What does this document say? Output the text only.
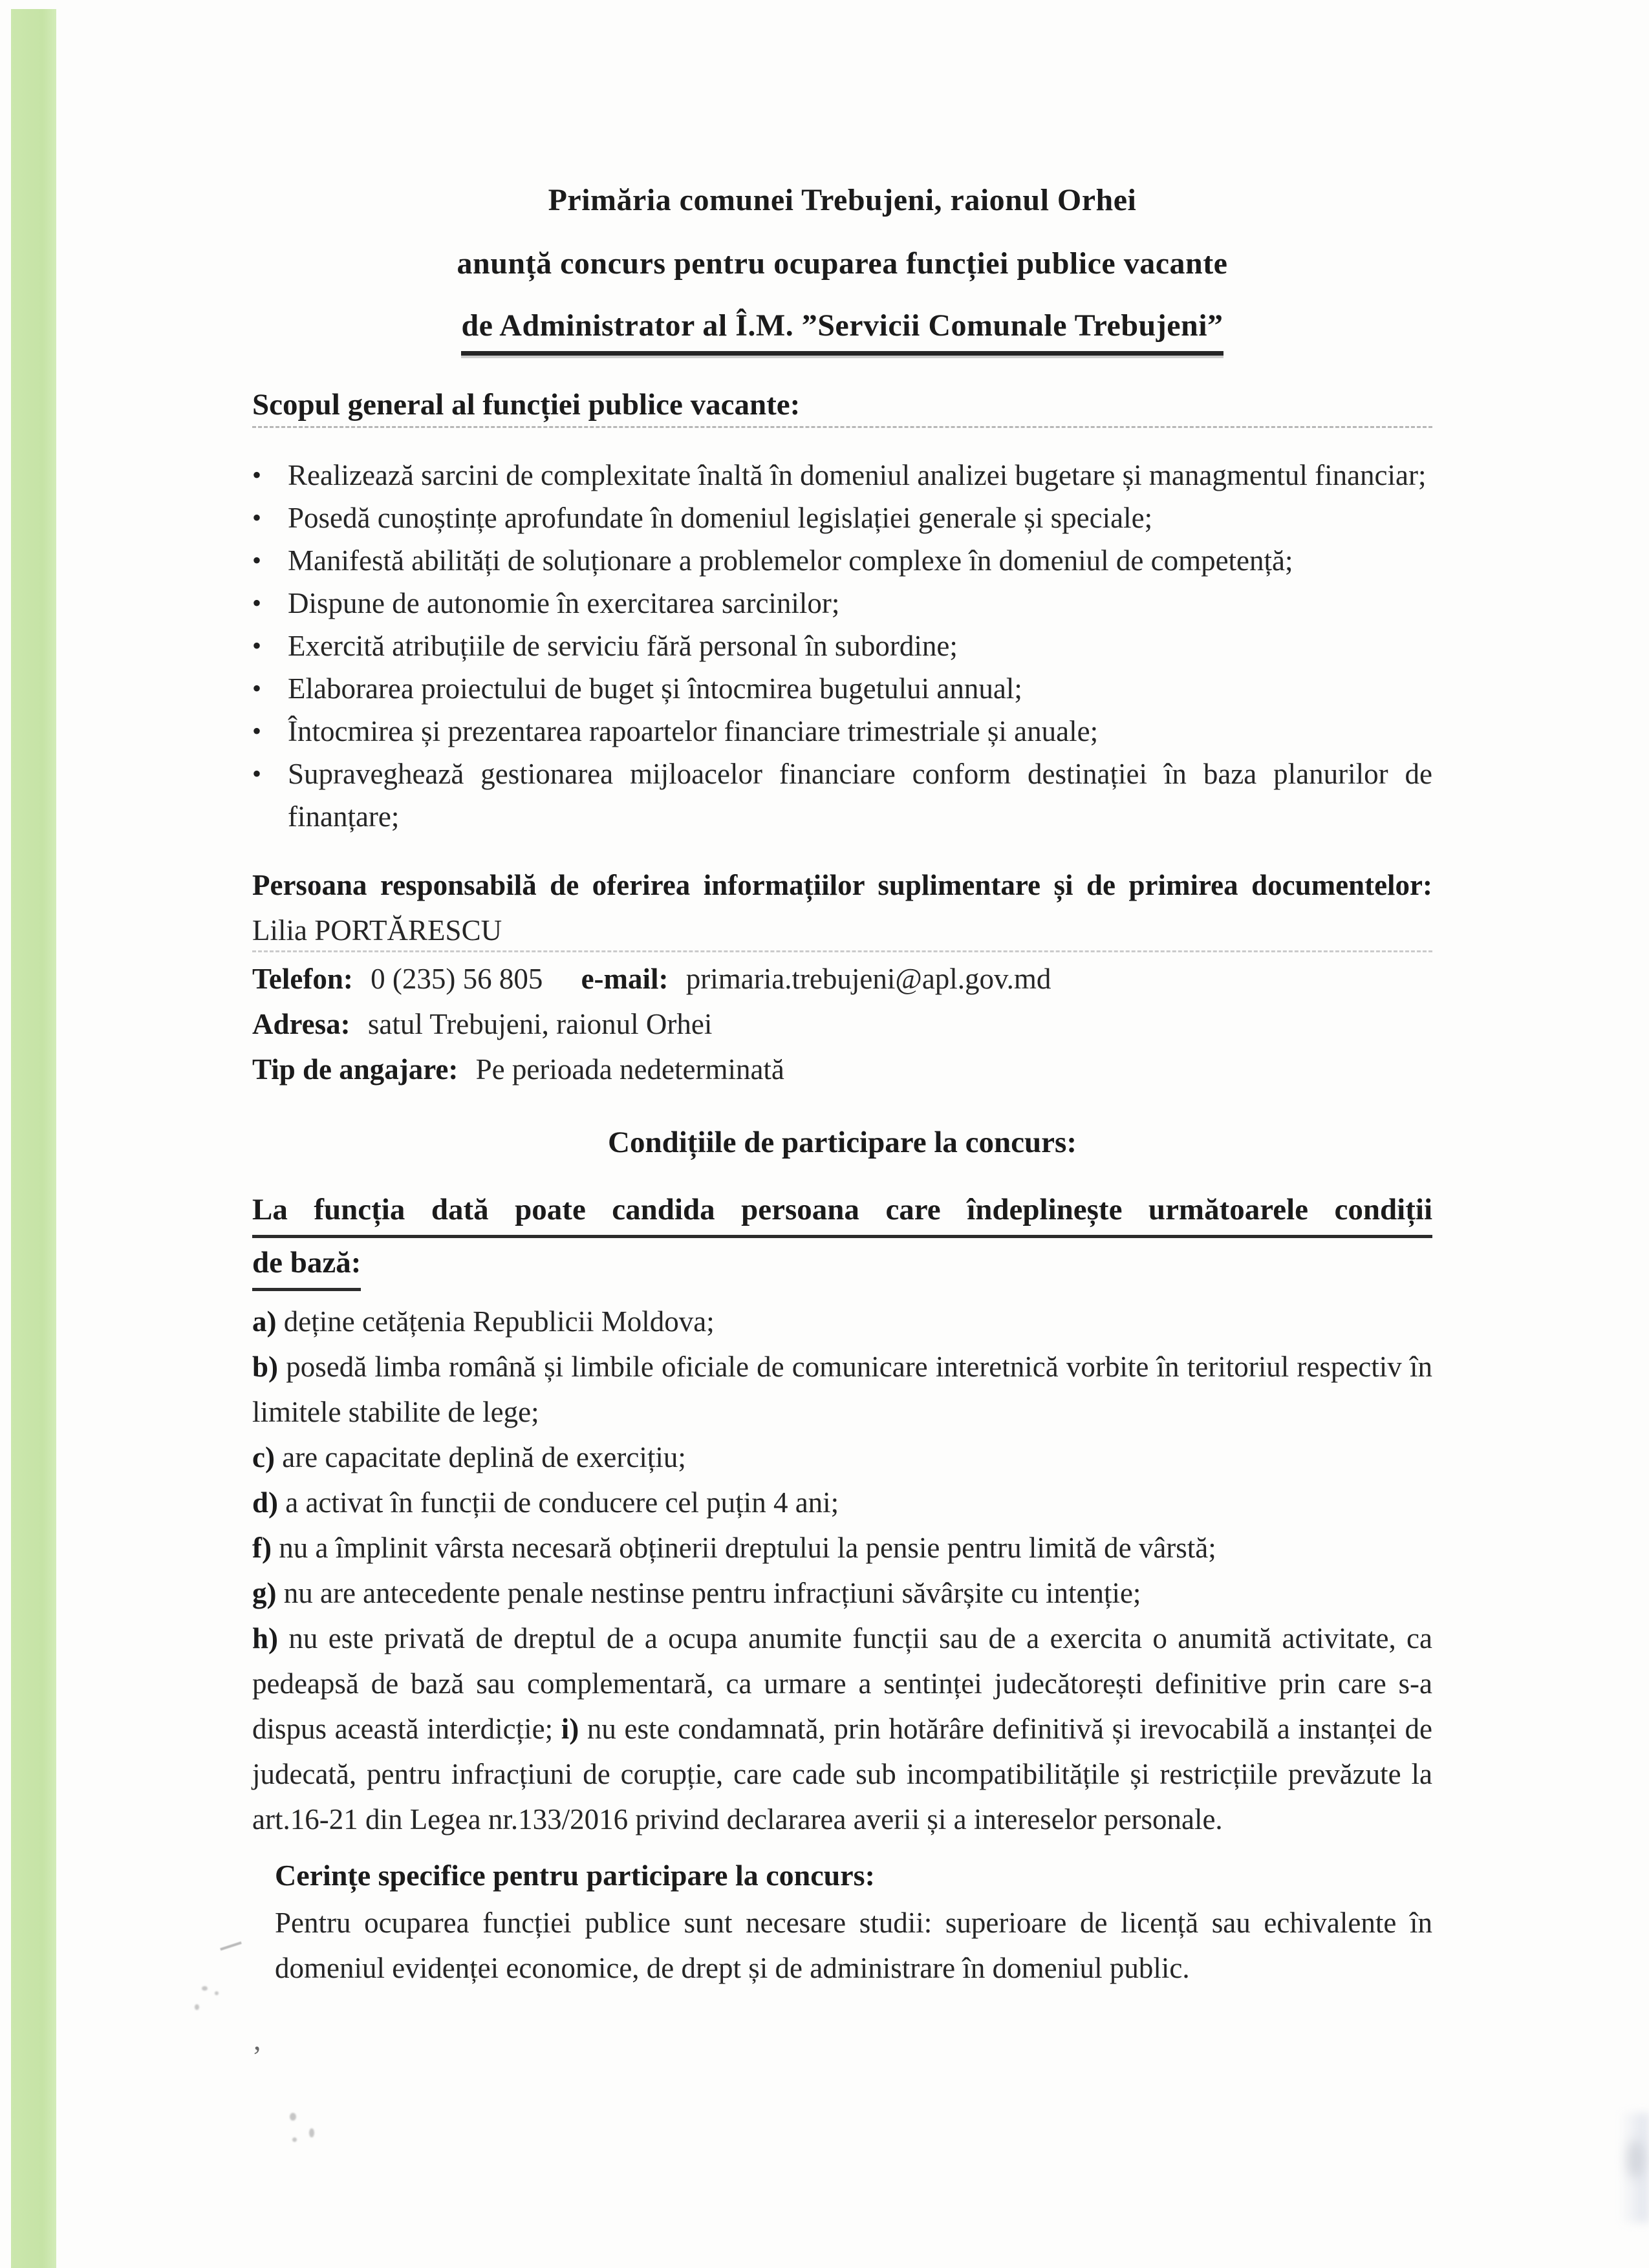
Primăria comunei Trebujeni, raionul Orhei
anunță concurs pentru ocuparea funcției publice vacante
de Administrator al Î.M. ”Servicii Comunale Trebujeni”
Scopul general al funcției publice vacante:
•
Realizează sarcini de complexitate înaltă în domeniul analizei bugetare și managmentul financiar;
•
Posedă cunoștințe aprofundate în domeniul legislației generale și speciale;
•
Manifestă abilități de soluționare a problemelor complexe în domeniul de competență;
•
Dispune de autonomie în exercitarea sarcinilor;
•
Exercită atribuțiile de serviciu fără personal în subordine;
•
Elaborarea proiectului de buget și întocmirea bugetului annual;
•
Întocmirea și prezentarea rapoartelor financiare trimestriale și anuale;
•
Supraveghează gestionarea mijloacelor financiare conform destinației în baza planurilor de finanțare;

Persoana responsabilă de oferirea informațiilor suplimentare și de primirea documentelor: Lilia PORTĂRESCU

Telefon: 0 (235) 56 805 e-mail: primaria.trebujeni@apl.gov.md

Adresa: satul Trebujeni, raionul Orhei

Tip de angajare: Pe perioada nedeterminată

Condițiile de participare la concurs:
La funcția dată poate candida persoana care îndeplinește următoarele condiții
de bază:

a) deține cetățenia Republicii Moldova;

b) posedă limba română și limbile oficiale de comunicare interetnică vorbite în teritoriul respectiv în limitele stabilite de lege;

c) are capacitate deplină de exercițiu;

d) a activat în funcții de conducere cel puțin 4 ani;

f) nu a împlinit vârsta necesară obținerii dreptului la pensie pentru limită de vârstă;

g) nu are antecedente penale nestinse pentru infracțiuni săvârșite cu intenție;

h) nu este privată de dreptul de a ocupa anumite funcții sau de a exercita o anumită activitate, ca pedeapsă de bază sau complementară, ca urmare a sentinței judecătorești definitive prin care s-a dispus această interdicție; i) nu este condamnată, prin hotărâre definitivă și irevocabilă a instanței de judecată, pentru infracțiuni de corupție, care cade sub incompatibilitățile și restricțiile prevăzute la art.16-21 din Legea nr.133/2016 privind declararea averii și a intereselor personale.

Cerințe specifice pentru participare la concurs:

Pentru ocuparea funcției publice sunt necesare studii: superioare de licență sau echivalente în domeniul evidenței economice, de drept și de administrare în domeniul public.

,
